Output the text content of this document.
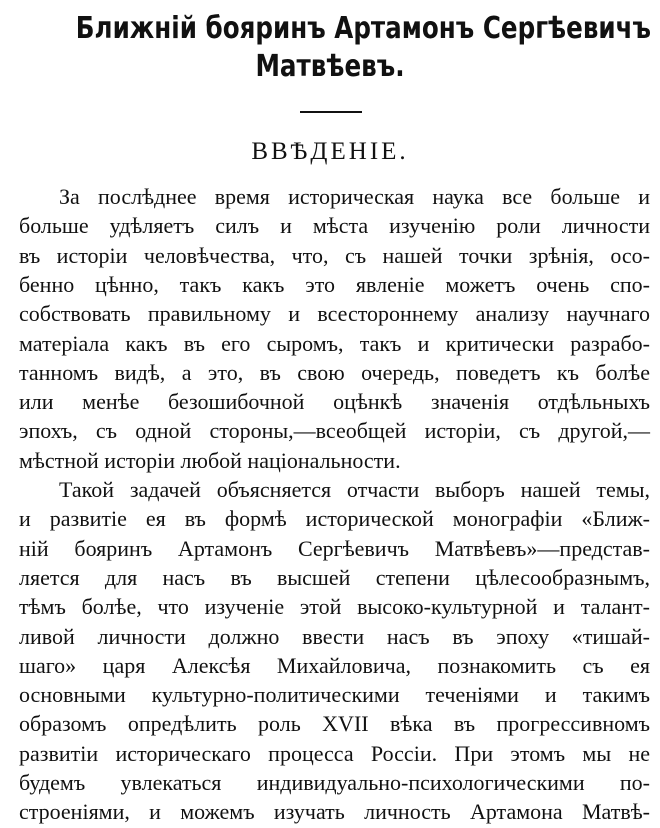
Ближнiй бояринъ Артамонъ Сергѣевичъ
Матвѣевъ.
ВВѢДЕНIЕ.
За послѣднее время историческая наука все больше и
больше удѣляетъ силъ и мѣста изученiю роли личности
въ исторiи человѣчества, что, съ нашей точки зрѣнiя, осо-
бенно цѣнно, такъ какъ это явленiе можетъ очень спо-
собствовать правильному и всестороннему анализу научнаго
матерiала какъ въ его сыромъ, такъ и критически разрабо-
танномъ видѣ, а это, въ свою очередь, поведетъ къ болѣе
или менѣе безошибочной оцѣнкѣ значенiя отдѣльныхъ
эпохъ, съ одной стороны,—всеобщей исторiи, съ другой,—
мѣстной исторiи любой нацiональности.
Такой задачей объясняется отчасти выборъ нашей темы,
и развитiе ея въ формѣ исторической монографiи «Ближ-
нiй бояринъ Артамонъ Сергѣевичъ Матвѣевъ»—представ-
ляется для насъ въ высшей степени цѣлесообразнымъ,
тѣмъ болѣе, что изученiе этой высоко-культурной и талант-
ливой личности должно ввести насъ въ эпоху «тишай-
шаго» царя Алексѣя Михайловича, познакомить съ ея
основными культурно-политическими теченiями и такимъ
образомъ опредѣлить роль XVII вѣка въ прогрессивномъ
развитiи историческаго процесса Россiи. При этомъ мы не
будемъ увлекаться индивидуально-психологическими по-
строенiями, и можемъ изучать личность Артамона Матвѣ-
